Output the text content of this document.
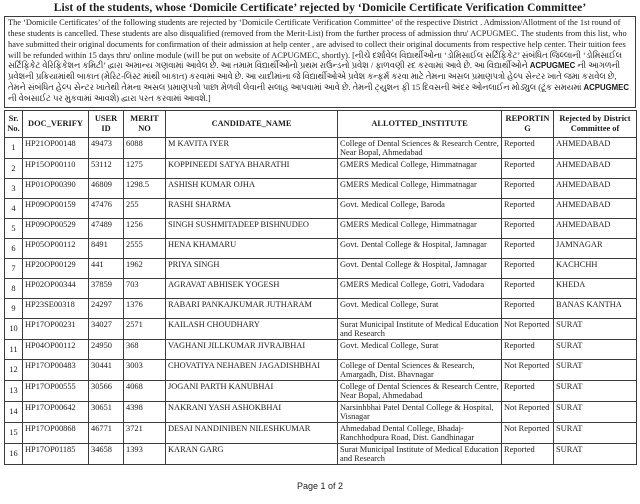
List of the students, whose ‘Domicile Certificate’ rejected by ‘Domicile Certificate Verification Committee’
The ‘Domicile Certificates’ of the following students are rejected by ‘Domicile Certificate Verification Committee’ of the respective District . Admission/Allotment of the 1st round of these students is cancelled. These students are also disqualified (removed from the Merit-List) from the further process of admission thru' ACPUGMEC. The students from this list, who have submitted their original documents for confirmation of their admission at help center , are advised to collect their original documents from respective help center. Their tuition fees will be refunded within 15 days thru' online module (will be put on website of ACPUGMEC, shortly). [નીચે દર્શાવેલ વિદ્યાર્થીઓના ‘ડોમિસાઈલ સર્ટિફિકેટ’ સંબંધિત જિલ્લાની ‘ડોમિસાઈલ સર્ટિફિકેટ વેરિફિકેશન કમિટી’ દ્વારા અમાન્ય ગણવામાં આવેલ છે. આ તમામ વિદ્યાર્થીઓનો પ્રથમ રાઉન્ડનો પ્રવેશ / ફાળવણી રદ કરવામાં આવે છે. આ વિદ્યાર્થીઓને ACPUGMEC ની આગળની પ્રવેશની પ્રક્રિયામાંથી બાકાત (મેરિટ-લિસ્ટ માંથી બાકાત) કરવામાં આવે છે. આ યાદીમાંના જે વિદ્યાર્થીઓએ પ્રવેશ કન્ફર્મ કરવા માટે તેમના અસલ પ્રમાણપત્રો હેલ્પ સેન્ટર ખાતે જમા કરાવેલ છે, તેમને સંબંધિત હેલ્પ સેન્ટર ખાતેથી તેમના અસલ પ્રમાણપત્રો પાછા મેળવી લેવાની સલાહ આપવામાં આવે છે. તેમની ટ્યુશન ફી 15 દિવસની અંદર ઓનલાઈન મોડ્યુલ (ટૂંક સમયમાં ACPUGMEC ની વેબસાઈટ પર મુકવામાં આવશે) દ્વારા પરત કરવામાં આવશે.]
Sr. No.	DOC_VERIFY	USER ID	MERIT NO	CANDIDATE_NAME	ALLOTTED_INSTITUTE	REPORTING	Rejected by District Committee of
1	HP21OP00148	49473	6088	M KAVITA IYER	College of Dental Sciences & Research Centre, Near Bopal, Ahmedabad	Reported	AHMEDABAD
2	HP15OP00110	53112	1275	KOPPINEEDI SATYA BHARATHI	GMERS Medical College, Himmatnagar	Reported	AHMEDABAD
3	HP01OP00390	46809	1298.5	ASHISH KUMAR OJHA	GMERS Medical College, Himmatnagar	Reported	AHMEDABAD
4	HP09OP00159	47476	255	RASHI SHARMA	Govt. Medical College, Baroda	Reported	AHMEDABAD
5	HP09OP00529	47489	1256	SINGH SUSHMITADEEP BISHNUDEO	GMERS Medical College, Himmatnagar	Reported	AHMEDABAD
6	HP05OP00112	8491	2555	HENA KHAMARU	Govt. Dental College & Hospital, Jamnagar	Reported	JAMNAGAR
7	HP20OP00129	441	1962	PRIYA SINGH	Govt. Dental College & Hospital, Jamnagar	Reported	KACHCHH
8	HP02OP00344	37859	703	AGRAVAT ABHISEK YOGESH	GMERS Medical College, Gotri, Vadodara	Reported	KHEDA
9	HP23SE00318	24297	1376	RABARI PANKAJKUMAR JUTHARAM	Govt. Medical College, Surat	Reported	BANAS KANTHA
10	HP17OP00231	34027	2571	KAILASH CHOUDHARY	Surat Municipal Institute of Medical Education and Research	Not Reported	SURAT
11	HP04OP00112	24950	368	VAGHANI JILLKUMAR JIVRAJBHAI	Govt. Medical College, Surat	Reported	SURAT
12	HP17OP00483	30441	3003	CHOVATIYA NEHABEN JAGADISHBHAI	College of Dental Sciences & Research, Amargadh, Dist. Bhavnagar	Not Reported	SURAT
13	HP17OP00555	30566	4068	JOGANI PARTH KANUBHAI	College of Dental Sciences & Research Centre, Near Bopal, Ahmedabad	Reported	SURAT
14	HP17OP00642	30651	4398	NAKRANI YASH ASHOKBHAI	Narsinhbhai Patel Dental College & Hospital, Visnagar	Not Reported	SURAT
15	HP17OP00868	46771	3721	DESAI NANDINIBEN NILESHKUMAR	Ahmedabad Dental College, Bhadaj-Ranchhodpura Road, Dist. Gandhinagar	Not Reported	SURAT
16	HP17OP01185	34658	1393	KARAN GARG	Surat Municipal Institute of Medical Education and Research	Reported	SURAT
Page 1 of 2
